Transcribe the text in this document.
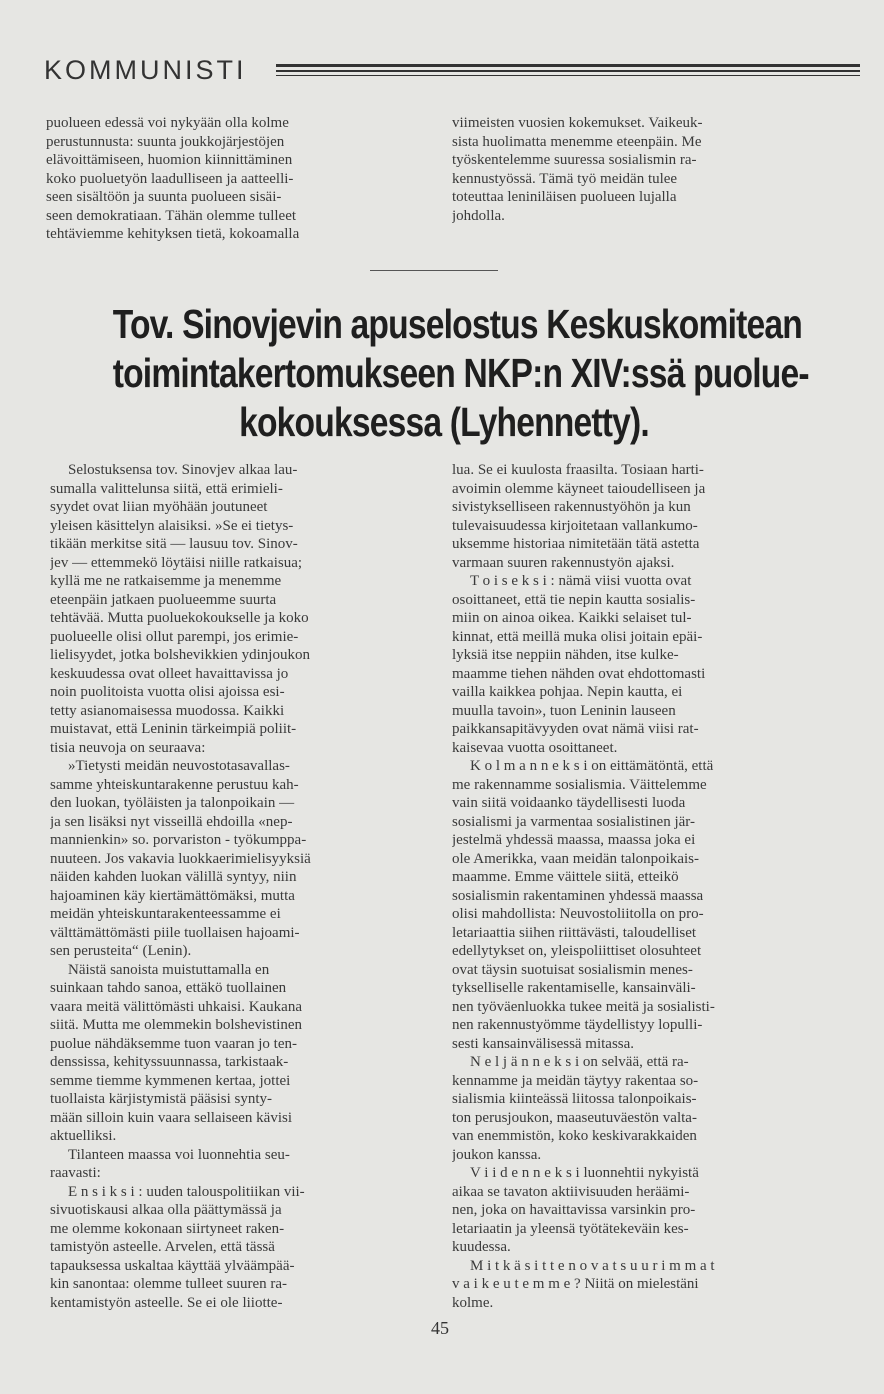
KOMMUNISTI
puolueen edessä voi nykyään olla kolme
perustunnusta: suunta joukkojärjestöjen
elävoittämiseen, huomion kiinnittäminen
koko puoluetyön laadulliseen ja aatteelli-
seen sisältöön ja suunta puolueen sisäi-
seen demokratiaan. Tähän olemme tulleet
tehtäviemme kehityksen tietä, kokoamalla
viimeisten vuosien kokemukset. Vaikeuk-
sista huolimatta menemme eteenpäin. Me
työskentelemme suuressa sosialismin ra-
kennustyössä. Tämä työ meidän tulee
toteuttaa leniniläisen puolueen lujalla
johdolla.
Tov. Sinovjevin apuselostus Keskuskomitean
toimintakertomukseen NKP:n XIV:ssä puolue-
kokouksessa (Lyhennetty).
Selostuksensa tov. Sinovjev alkaa lau-
sumalla valittelunsa siitä, että erimieli-
syydet ovat liian myöhään joutuneet
yleisen käsittelyn alaisiksi. »Se ei tietys-
tikään merkitse sitä — lausuu tov. Sinov-
jev — ettemmekö löytäisi niille ratkaisua;
kyllä me ne ratkaisemme ja menemme
eteenpäin jatkaen puolueemme suurta
tehtävää. Mutta puoluekokoukselle ja koko
puolueelle olisi ollut parempi, jos erimie-
lielisyydet, jotka bolshevikkien ydinjoukon
keskuudessa ovat olleet havaittavissa jo
noin puolitoista vuotta olisi ajoissa esi-
tetty asianomaisessa muodossa. Kaikki
muistavat, että Leninin tärkeimpiä poliit-
tisia neuvoja on seuraava:
»Tietysti meidän neuvostotasavallas-
samme yhteiskuntarakenne perustuu kah-
den luokan, työläisten ja talonpoikain —
ja sen lisäksi nyt visseillä ehdoilla «nep-
mannienkin» so. porvariston - työkumppa-
nuuteen. Jos vakavia luokkaerimielisyyksiä
näiden kahden luokan välillä syntyy, niin
hajoaminen käy kiertämättömäksi, mutta
meidän yhteiskuntarakenteessamme ei
välttämättömästi piile tuollaisen hajoami-
sen perusteita“ (Lenin).
Näistä sanoista muistuttamalla en
suinkaan tahdo sanoa, ettäkö tuollainen
vaara meitä välittömästi uhkaisi. Kaukana
siitä. Mutta me olemmekin bolshevistinen
puolue nähdäksemme tuon vaaran jo ten-
denssissa, kehityssuunnassa, tarkistaak-
semme tiemme kymmenen kertaa, jottei
tuollaista kärjistymistä pääsisi synty-
mään silloin kuin vaara sellaiseen kävisi
aktuelliksi.
Tilanteen maassa voi luonnehtia seu-
raavasti:
E n s i k s i : uuden talouspolitiikan vii-
sivuotiskausi alkaa olla päättymässä ja
me olemme kokonaan siirtyneet raken-
tamistyön asteelle. Arvelen, että tässä
tapauksessa uskaltaa käyttää ylväämpää-
kin sanontaa: olemme tulleet suuren ra-
kentamistyön asteelle. Se ei ole liiotte-
lua. Se ei kuulosta fraasilta. Tosiaan harti-
avoimin olemme käyneet taioudelliseen ja
sivistykselliseen rakennustyöhön ja kun
tulevaisuudessa kirjoitetaan vallankumo-
uksemme historiaa nimitetään tätä astetta
varmaan suuren rakennustyön ajaksi.
T o i s e k s i : nämä viisi vuotta ovat
osoittaneet, että tie nepin kautta sosialis-
miin on ainoa oikea. Kaikki selaiset tul-
kinnat, että meillä muka olisi joitain epäi-
lyksiä itse neppiin nähden, itse kulke-
maamme tiehen nähden ovat ehdottomasti
vailla kaikkea pohjaa. Nepin kautta, ei
muulla tavoin», tuon Leninin lauseen
paikkansapitävyyden ovat nämä viisi rat-
kaisevaa vuotta osoittaneet.
K o l m a n n e k s i on eittämätöntä, että
me rakennamme sosialismia. Väittelemme
vain siitä voidaanko täydellisesti luoda
sosialismi ja varmentaa sosialistinen jär-
jestelmä yhdessä maassa, maassa joka ei
ole Amerikka, vaan meidän talonpoikais-
maamme. Emme väittele siitä, etteikö
sosialismin rakentaminen yhdessä maassa
olisi mahdollista: Neuvostoliitolla on pro-
letariaattia siihen riittävästi, taloudelliset
edellytykset on, yleispoliittiset olosuhteet
ovat täysin suotuisat sosialismin menes-
tykselliselle rakentamiselle, kansainväli-
nen työväenluokka tukee meitä ja sosialisti-
nen rakennustyömme täydellistyy lopulli-
sesti kansainvälisessä mitassa.
N e l j ä n n e k s i on selvää, että ra-
kennamme ja meidän täytyy rakentaa so-
sialismia kiinteässä liitossa talonpoikais-
ton perusjoukon, maaseutuväestön valta-
van enemmistön, koko keskivarakkaiden
joukon kanssa.
V i i d e n n e k s i luonnehtii nykyistä
aikaa se tavaton aktiivisuuden heräämi-
nen, joka on havaittavissa varsinkin pro-
letariaatin ja yleensä työtätekeväin kes-
kuudessa.
M i t k ä s i t t e n o v a t s u u r i m m a t
v a i k e u t e m m e ? Niitä on mielestäni
kolme.
45
